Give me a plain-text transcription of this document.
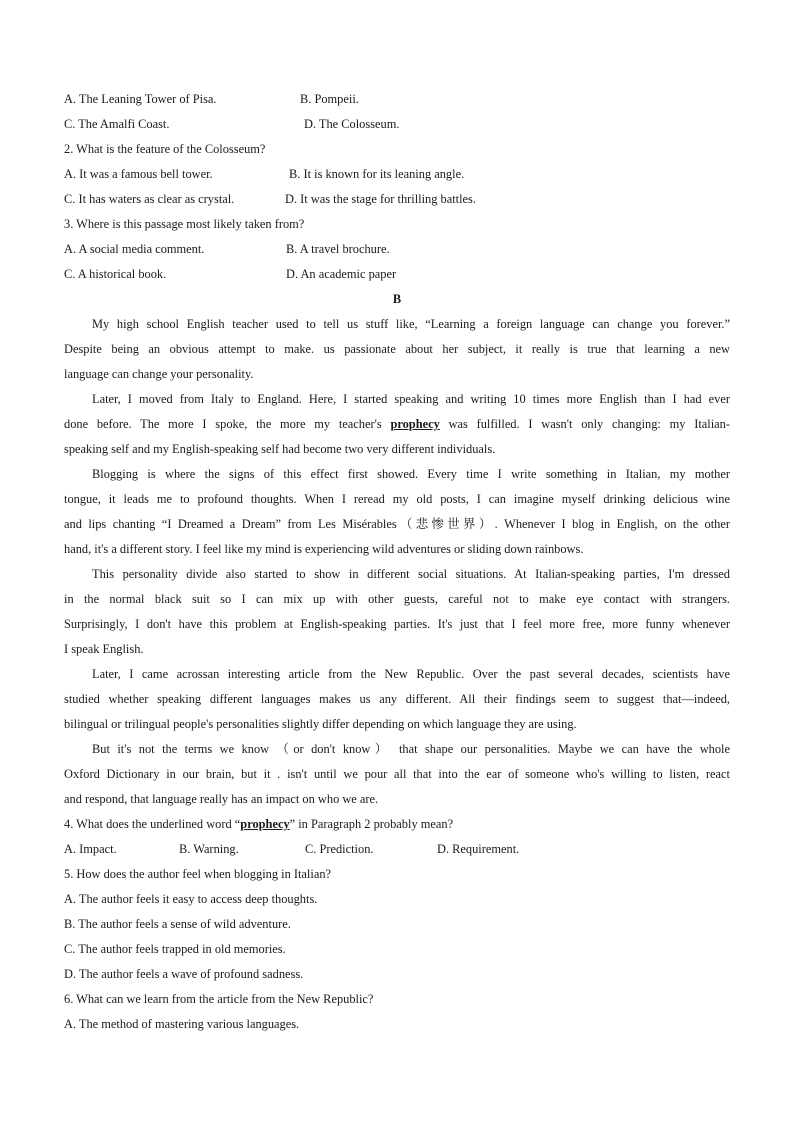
A. The Leaning Tower of Pisa.	B. Pompeii.
C. The Amalfi Coast.	D. The Colosseum.
2. What is the feature of the Colosseum?
A. It was a famous bell tower.	B. It is known for its leaning angle.
C. It has waters as clear as crystal.	D. It was the stage for thrilling battles.
3. Where is this passage most likely taken from?
A. A social media comment.	B. A travel brochure.
C. A historical book.	D. An academic paper
B
My high school English teacher used to tell us stuff like, “Learning a foreign language can change you forever.”
Despite being an obvious attempt to make. us passionate about her subject, it really is true that learning a new
language can change your personality.
Later, I moved from Italy to England. Here, I started speaking and writing 10 times more English than I had ever
done before. The more I spoke, the more my teacher's prophecy was fulfilled. I wasn't only changing: my Italian-
speaking self and my English-speaking self had become two very different individuals.
Blogging is where the signs of this effect first showed. Every time I write something in Italian, my mother
tongue, it leads me to profound thoughts. When I reread my old posts, I can imagine myself drinking delicious wine
and lips chanting “I Dreamed a Dream” from Les Misérables（悲惨世界）. Whenever I blog in English, on the other
hand, it's a different story. I feel like my mind is experiencing wild adventures or sliding down rainbows.
This personality divide also started to show in different social situations. At Italian-speaking parties, I'm dressed
in the normal black suit so I can mix up with other guests, careful not to make eye contact with strangers.
Surprisingly, I don't have this problem at English-speaking parties. It's just that I feel more free, more funny whenever
I speak English.
Later, I came acrossan interesting article from the New Republic. Over the past several decades, scientists have
studied whether speaking different languages makes us any different. All their findings seem to suggest that—indeed,
bilingual or trilingual people's personalities slightly differ depending on which language they are using.
But it's not the terms we know （or don't know） that shape our personalities. Maybe we can have the whole
Oxford Dictionary in our brain, but it . isn't until we pour all that into the ear of someone who's willing to listen, react
and respond, that language really has an impact on who we are.
4. What does the underlined word “prophecy” in Paragraph 2 probably mean?
A. Impact.	B. Warning.	C. Prediction.	D. Requirement.
5. How does the author feel when blogging in Italian?
A. The author feels it easy to access deep thoughts.
B. The author feels a sense of wild adventure.
C. The author feels trapped in old memories.
D. The author feels a wave of profound sadness.
6. What can we learn from the article from the New Republic?
A. The method of mastering various languages.
